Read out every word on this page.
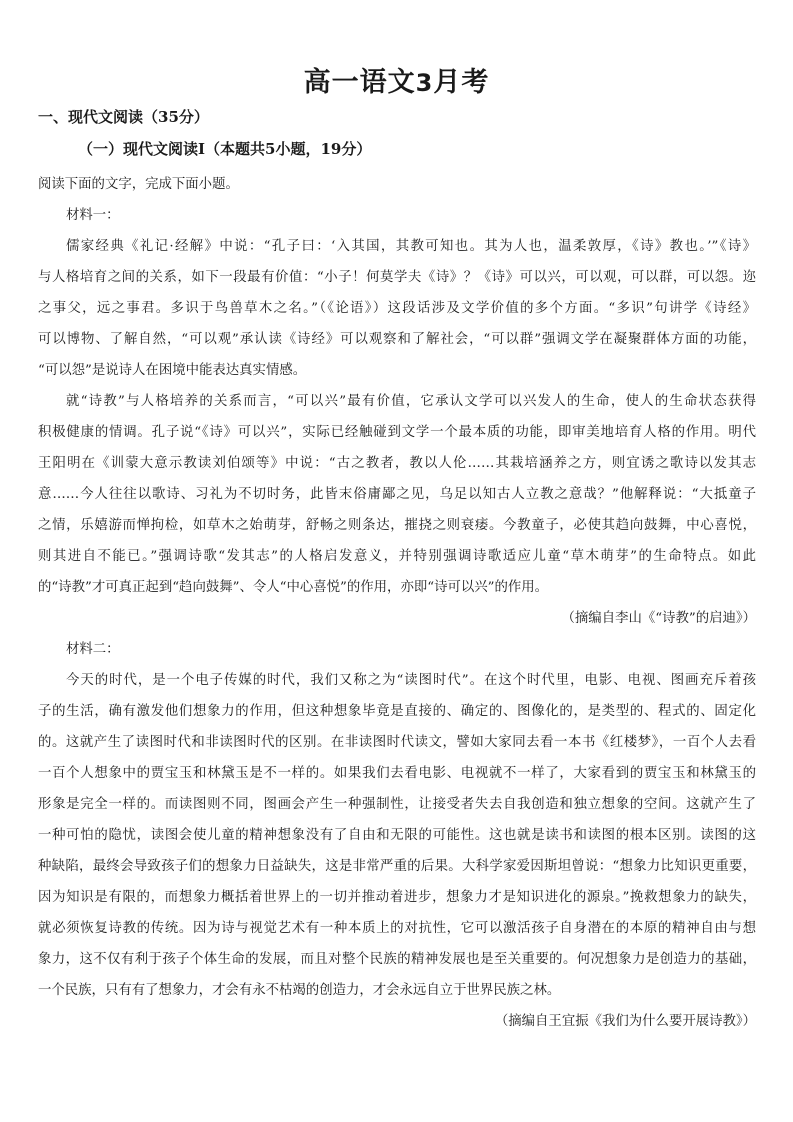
高一语文3月考
一、现代文阅读（35分）
（一）现代文阅读Ⅰ（本题共5小题，19分）
阅读下面的文字，完成下面小题。
材料一：
儒家经典《礼记·经解》中说：“孔子曰：‘入其国，其教可知也。其为人也，温柔敦厚，《诗》教也。’”《诗》
与人格培育之间的关系，如下一段最有价值：“小子！何莫学夫《诗》？《诗》可以兴，可以观，可以群，可以怨。迩
之事父，远之事君。多识于鸟兽草木之名。”（《论语》）这段话涉及文学价值的多个方面。“多识”句讲学《诗经》
可以博物、了解自然，“可以观”承认读《诗经》可以观察和了解社会，“可以群”强调文学在凝聚群体方面的功能，
“可以怨”是说诗人在困境中能表达真实情感。
就“诗教”与人格培养的关系而言，“可以兴”最有价值，它承认文学可以兴发人的生命，使人的生命状态获得
积极健康的情调。孔子说“《诗》可以兴”，实际已经触碰到文学一个最本质的功能，即审美地培育人格的作用。明代
王阳明在《训蒙大意示教读刘伯颂等》中说：“古之教者，教以人伦……其栽培涵养之方，则宜诱之歌诗以发其志
意……今人往往以歌诗、习礼为不切时务，此皆末俗庸鄙之见，乌足以知古人立教之意哉？”他解释说：“大抵童子
之情，乐嬉游而惮拘检，如草木之始萌芽，舒畅之则条达，摧挠之则衰痿。今教童子，必使其趋向鼓舞，中心喜悦，
则其进自不能已。”强调诗歌“发其志”的人格启发意义，并特别强调诗歌适应儿童“草木萌芽”的生命特点。如此
的“诗教”才可真正起到“趋向鼓舞”、令人“中心喜悦”的作用，亦即“诗可以兴”的作用。
（摘编自李山《“诗教”的启迪》）
材料二：
今天的时代，是一个电子传媒的时代，我们又称之为“读图时代”。在这个时代里，电影、电视、图画充斥着孩
子的生活，确有激发他们想象力的作用，但这种想象毕竟是直接的、确定的、图像化的，是类型的、程式的、固定化
的。这就产生了读图时代和非读图时代的区别。在非读图时代读文，譬如大家同去看一本书《红楼梦》，一百个人去看
一百个人想象中的贾宝玉和林黛玉是不一样的。如果我们去看电影、电视就不一样了，大家看到的贾宝玉和林黛玉的
形象是完全一样的。而读图则不同，图画会产生一种强制性，让接受者失去自我创造和独立想象的空间。这就产生了
一种可怕的隐忧，读图会使儿童的精神想象没有了自由和无限的可能性。这也就是读书和读图的根本区别。读图的这
种缺陷，最终会导致孩子们的想象力日益缺失，这是非常严重的后果。大科学家爱因斯坦曾说：“想象力比知识更重要，
因为知识是有限的，而想象力概括着世界上的一切并推动着进步，想象力才是知识进化的源泉。”挽救想象力的缺失，
就必须恢复诗教的传统。因为诗与视觉艺术有一种本质上的对抗性，它可以激活孩子自身潜在的本原的精神自由与想
象力，这不仅有利于孩子个体生命的发展，而且对整个民族的精神发展也是至关重要的。何况想象力是创造力的基础，
一个民族，只有有了想象力，才会有永不枯竭的创造力，才会永远自立于世界民族之林。
（摘编自王宜振《我们为什么要开展诗教》）
